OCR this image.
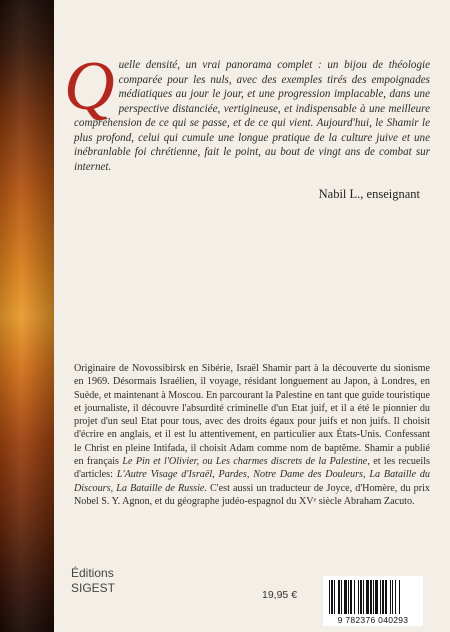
Quelle densité, un vrai panorama complet : un bijou de théologie comparée pour les nuls, avec des exemples tirés des empoignades médiatiques au jour le jour, et une progression implacable, dans une perspective distanciée, vertigineuse, et indispensable à une meilleure compréhension de ce qui se passe, et de ce qui vient. Aujourd'hui, le Shamir le plus profond, celui qui cumule une longue pratique de la culture juive et une inébranlable foi chrétienne, fait le point, au bout de vingt ans de combat sur internet.
Nabil L., enseignant
Originaire de Novossibirsk en Sibérie, Israël Shamir part à la découverte du sionisme en 1969. Désormais Israélien, il voyage, résidant longuement au Japon, à Londres, en Suède, et maintenant à Moscou. En parcourant la Palestine en tant que guide touristique et journaliste, il découvre l'absurdité criminelle d'un Etat juif, et il a été le pionnier du projet d'un seul Etat pour tous, avec des droits égaux pour juifs et non juifs. Il choisit d'écrire en anglais, et il est lu attentivement, en particulier aux États-Unis. Confessant le Christ en pleine Intifada, il choisit Adam comme nom de baptême. Shamir a publié en français Le Pin et l'Olivier, ou Les charmes discrets de la Palestine, et les recueils d'articles: L'Autre Visage d'Israël, Pardes, Notre Dame des Douleurs, La Bataille du Discours, La Bataille de Russie. C'est aussi un traducteur de Joyce, d'Homère, du prix Nobel S. Y. Agnon, et du géographe judéo-espagnol du XVᵉ siècle Abraham Zacuto.
Éditions
SIGEST	19,95 €
9 782376 040293
